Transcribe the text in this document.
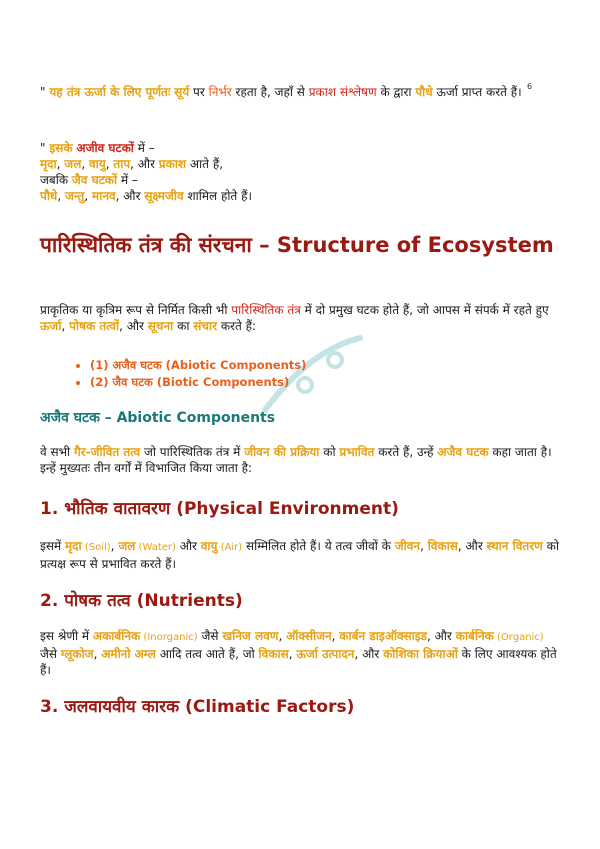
6
" यह तंत्र ऊर्जा के लिए पूर्णतः सूर्य पर निर्भर रहता है, जहाँ से प्रकाश संश्लेषण के द्वारा पौधे ऊर्जा प्राप्त करते हैं।
" इसके अजीव घटकों में –
मृदा, जल, वायु, ताप, और प्रकाश आते हैं,
जबकि जैव घटकों में –
पौधे, जन्तु, मानव, और सूक्ष्मजीव शामिल होते हैं।
पारिस्थितिक तंत्र की संरचना – Structure of Ecosystem
प्राकृतिक या कृत्रिम रूप से निर्मित किसी भी पारिस्थितिक तंत्र में दो प्रमुख घटक होते हैं, जो आपस में संपर्क में रहते हुए ऊर्जा, पोषक तत्वों, और सूचना का संचार करते हैं:
• (1) अजैव घटक (Abiotic Components)
• (2) जैव घटक (Biotic Components)
अजैव घटक – Abiotic Components
वे सभी गैर-जीवित तत्व जो पारिस्थितिक तंत्र में जीवन की प्रक्रिया को प्रभावित करते हैं, उन्हें अजैव घटक कहा जाता है। इन्हें मुख्यतः तीन वर्गों में विभाजित किया जाता है:
1. भौतिक वातावरण (Physical Environment)
इसमें मृदा (Soil), जल (Water) और वायु (Air) सम्मिलित होते हैं। ये तत्व जीवों के जीवन, विकास, और स्थान वितरण को प्रत्यक्ष रूप से प्रभावित करते हैं।
2. पोषक तत्व (Nutrients)
इस श्रेणी में अकार्बनिक (Inorganic) जैसे खनिज लवण, ऑक्सीजन, कार्बन डाइऑक्साइड, और कार्बनिक (Organic) जैसे ग्लूकोज, अमीनो अम्ल आदि तत्व आते हैं, जो विकास, ऊर्जा उत्पादन, और कोशिका क्रियाओं के लिए आवश्यक होते हैं।
3. जलवायवीय कारक (Climatic Factors)
